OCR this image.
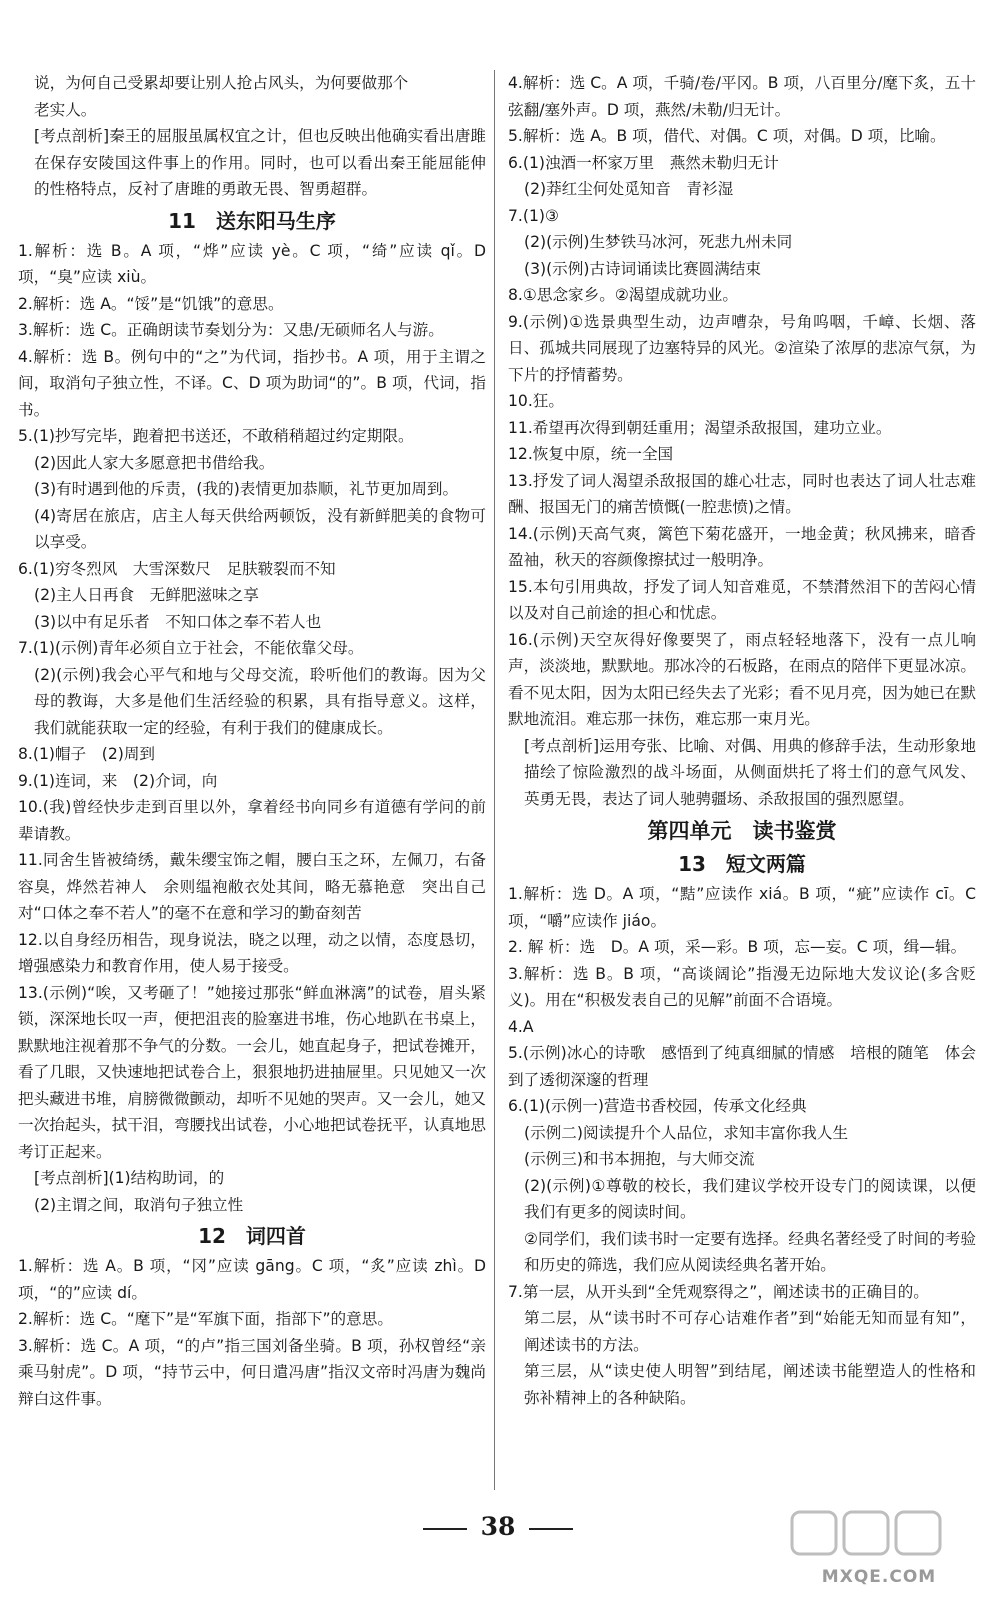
说，为何自己受累却要让别人抢占风头，为何要做那个
老实人。
[考点剖析]秦王的屈服虽属权宜之计，但也反映出他确实看出唐雎在保存安陵国这件事上的作用。同时，也可以看出秦王能屈能伸的性格特点，反衬了唐雎的勇敢无畏、智勇超群。
11　送东阳马生序
1.解析：选 B。A 项，“烨”应读 yè。C 项，“绮”应读 qǐ。D 项，“臭”应读 xiù。
2.解析：选 A。“馁”是“饥饿”的意思。
3.解析：选 C。正确朗读节奏划分为：又患/无硕师名人与游。
4.解析：选 B。例句中的“之”为代词，指抄书。A 项，用于主谓之间，取消句子独立性，不译。C、D 项为助词“的”。B 项，代词，指书。
5.(1)抄写完毕，跑着把书送还，不敢稍稍超过约定期限。
(2)因此人家大多愿意把书借给我。
(3)有时遇到他的斥责，(我的)表情更加恭顺，礼节更加周到。
(4)寄居在旅店，店主人每天供给两顿饭，没有新鲜肥美的食物可以享受。
6.(1)穷冬烈风　大雪深数尺　足肤皲裂而不知
(2)主人日再食　无鲜肥滋味之享
(3)以中有足乐者　不知口体之奉不若人也
7.(1)(示例)青年必须自立于社会，不能依靠父母。
(2)(示例)我会心平气和地与父母交流，聆听他们的教诲。因为父母的教诲，大多是他们生活经验的积累，具有指导意义。这样，我们就能获取一定的经验，有利于我们的健康成长。
8.(1)帽子　(2)周到
9.(1)连词，来　(2)介词，向
10.(我)曾经快步走到百里以外，拿着经书向同乡有道德有学问的前辈请教。
11.同舍生皆被绮绣，戴朱缨宝饰之帽，腰白玉之环，左佩刀，右备容臭，烨然若神人　余则缊袍敝衣处其间，略无慕艳意　突出自己对“口体之奉不若人”的毫不在意和学习的勤奋刻苦
12.以自身经历相告，现身说法，晓之以理，动之以情，态度恳切，增强感染力和教育作用，使人易于接受。
13.(示例)“唉，又考砸了！”她接过那张“鲜血淋漓”的试卷，眉头紧锁，深深地长叹一声，便把沮丧的脸塞进书堆，伤心地趴在书桌上，默默地注视着那不争气的分数。一会儿，她直起身子，把试卷摊开，看了几眼，又快速地把试卷合上，狠狠地扔进抽屉里。只见她又一次把头藏进书堆，肩膀微微颤动，却听不见她的哭声。又一会儿，她又一次抬起头，拭干泪，弯腰找出试卷，小心地把试卷抚平，认真地思考订正起来。
[考点剖析](1)结构助词，的
(2)主谓之间，取消句子独立性
12　词四首
1.解析：选 A。B 项，“冈”应读 gāng。C 项，“炙”应读 zhì。D 项，“的”应读 dí。
2.解析：选 C。“麾下”是“军旗下面，指部下”的意思。
3.解析：选 C。A 项，“的卢”指三国刘备坐骑。B 项，孙权曾经“亲乘马射虎”。D 项，“持节云中，何日遣冯唐”指汉文帝时冯唐为魏尚辩白这件事。
4.解析：选 C。A 项，千骑/卷/平冈。B 项，八百里分/麾下炙，五十弦翻/塞外声。D 项，燕然/未勒/归无计。
5.解析：选 A。B 项，借代、对偶。C 项，对偶。D 项，比喻。
6.(1)浊酒一杯家万里　燕然未勒归无计
(2)莽红尘何处觅知音　青衫湿
7.(1)③
(2)(示例)生梦铁马冰河，死悲九州未同
(3)(示例)古诗词诵读比赛圆满结束
8.①思念家乡。②渴望成就功业。
9.(示例)①选景典型生动，边声嘈杂，号角呜咽，千嶂、长烟、落日、孤城共同展现了边塞特异的风光。②渲染了浓厚的悲凉气氛，为下片的抒情蓄势。
10.狂。
11.希望再次得到朝廷重用；渴望杀敌报国，建功立业。
12.恢复中原，统一全国
13.抒发了词人渴望杀敌报国的雄心壮志，同时也表达了词人壮志难酬、报国无门的痛苦愤慨(一腔悲愤)之情。
14.(示例)天高气爽，篱笆下菊花盛开，一地金黄；秋风拂来，暗香盈袖，秋天的容颜像擦拭过一般明净。
15.本句引用典故，抒发了词人知音难觅，不禁潸然泪下的苦闷心情以及对自己前途的担心和忧虑。
16.(示例)天空灰得好像要哭了，雨点轻轻地落下，没有一点儿响声，淡淡地，默默地。那冰冷的石板路，在雨点的陪伴下更显冰凉。看不见太阳，因为太阳已经失去了光彩；看不见月亮，因为她已在默默地流泪。难忘那一抹伤，难忘那一束月光。
[考点剖析]运用夸张、比喻、对偶、用典的修辞手法，生动形象地描绘了惊险激烈的战斗场面，从侧面烘托了将士们的意气风发、英勇无畏，表达了词人驰骋疆场、杀敌报国的强烈愿望。
第四单元　读书鉴赏
13　短文两篇
1.解析：选 D。A 项，“黠”应读作 xiá。B 项，“疵”应读作 cī。C 项，“嚼”应读作 jiáo。
2. 解 析：选　D。A 项，采—彩。B 项，忘—妄。C 项，缉—辑。
3.解析：选 B。B 项，“高谈阔论”指漫无边际地大发议论(多含贬义)。用在“积极发表自己的见解”前面不合语境。
4.A
5.(示例)冰心的诗歌　感悟到了纯真细腻的情感　培根的随笔　体会到了透彻深邃的哲理
6.(1)(示例一)营造书香校园，传承文化经典
(示例二)阅读提升个人品位，求知丰富你我人生
(示例三)和书本拥抱，与大师交流
(2)(示例)①尊敬的校长，我们建议学校开设专门的阅读课，以便我们有更多的阅读时间。
②同学们，我们读书时一定要有选择。经典名著经受了时间的考验和历史的筛选，我们应从阅读经典名著开始。
7.第一层，从开头到“全凭观察得之”，阐述读书的正确目的。
第二层，从“读书时不可存心诘难作者”到“始能无知而显有知”，阐述读书的方法。
第三层，从“读史使人明智”到结尾，阐述读书能塑造人的性格和弥补精神上的各种缺陷。
38
MXQE.COM
